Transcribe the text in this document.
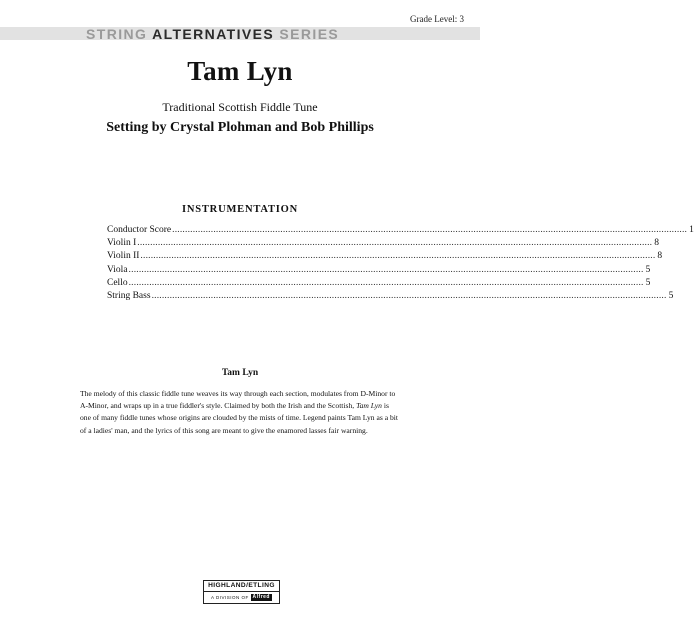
Grade Level: 3
STRING ALTERNATIVES SERIES
Tam Lyn
Traditional Scottish Fiddle Tune
Setting by Crystal Plohman and Bob Phillips
INSTRUMENTATION
Conductor Score ........................................................................................................................................................................................................ 1
Violin I ........................................................................................................................................................................................................ 8
Violin II ........................................................................................................................................................................................................ 8
Viola ........................................................................................................................................................................................................ 5
Cello ........................................................................................................................................................................................................ 5
String Bass ........................................................................................................................................................................................................ 5
Tam Lyn
The melody of this classic fiddle tune weaves its way through each section, modulates from D-Minor to A-Minor, and wraps up in a true fiddler's style. Claimed by both the Irish and the Scottish, Tam Lyn is one of many fiddle tunes whose origins are clouded by the mists of time. Legend paints Tam Lyn as a bit of a ladies' man, and the lyrics of this song are meant to give the enamored lasses fair warning.
HIGHLAND/ETLING
A DIVISION OF Alfred
